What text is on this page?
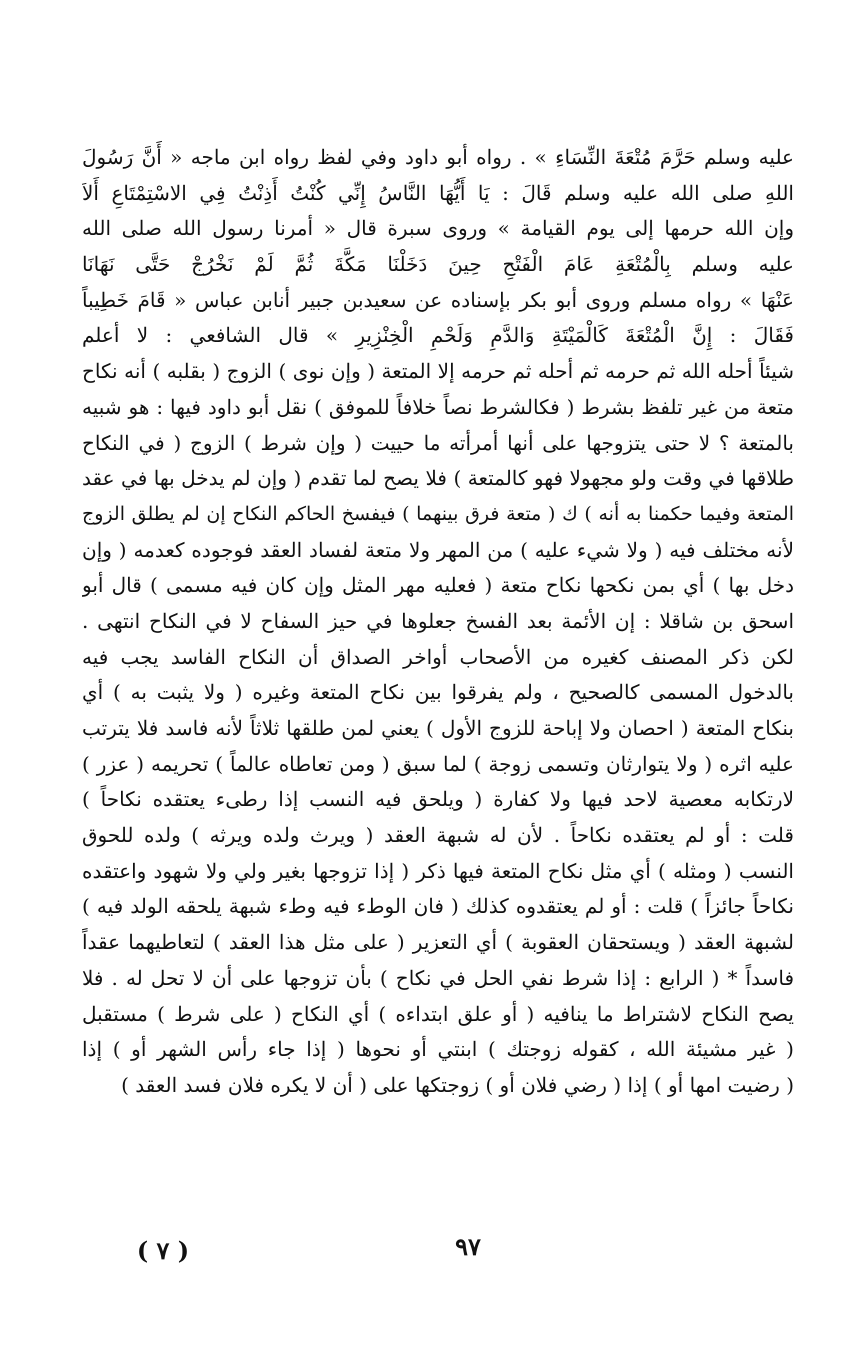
عليه وسلم حَرَّمَ مُتْعَةَ النِّسَاءِ » . رواه أبو داود وفي لفظ رواه ابن ماجه « أَنَّ رَسُولَ
اللهِ صلى الله عليه وسلم قَالَ : يَا أَيُّهَا النَّاسُ إِنِّي كُنْتُ أَذِنْتُ فِي الاسْتِمْتَاعِ أَلاَ
وإن الله حرمها إلى يوم القيامة » وروى سبرة قال « أمرنا رسول الله صلى الله
عليه وسلم بِالْمُتْعَةِ عَامَ الْفَتْحِ حِينَ دَخَلْنَا مَكَّةَ ثُمَّ لَمْ نَخْرُجْ حَتَّى نَهَانَا
عَنْهَا » رواه مسلم وروى أبو بكر بإسناده عن سعيدبن جبير أنابن عباس « قَامَ خَطِيباً
فَقَالَ : إِنَّ الْمُتْعَةَ كَالْمَيْتَةِ وَالدَّمِ وَلَحْمِ الْخِنْزِيرِ » قال الشافعي : لا أعلم
شيئاً أحله الله ثم حرمه ثم أحله ثم حرمه إلا المتعة ( وإن نوى ) الزوج ( بقلبه ) أنه نكاح
متعة من غير تلفظ بشرط ( فكالشرط نصاً خلافاً للموفق ) نقل أبو داود فيها : هو شبيه
بالمتعة ؟ لا حتى يتزوجها على أنها أمرأته ما حييت ( وإن شرط ) الزوج ( في النكاح
طلاقها في وقت ولو مجهولا فهو كالمتعة ) فلا يصح لما تقدم ( وإن لم يدخل بها في عقد
المتعة وفيما حكمنا به أنه ) ك ( متعة فرق بينهما ) فيفسخ الحاكم النكاح إن لم يطلق الزوج
لأنه مختلف فيه ( ولا شيء عليه ) من المهر ولا متعة لفساد العقد فوجوده كعدمه ( وإن
دخل بها ) أي بمن نكحها نكاح متعة ( فعليه مهر المثل وإن كان فيه مسمى ) قال أبو
اسحق بن شاقلا : إن الأئمة بعد الفسخ جعلوها في حيز السفاح لا في النكاح انتهى .
لكن ذكر المصنف كغيره من الأصحاب أواخر الصداق أن النكاح الفاسد يجب فيه
بالدخول المسمى كالصحيح ، ولم يفرقوا بين نكاح المتعة وغيره ( ولا يثبت به ) أي
بنكاح المتعة ( احصان ولا إباحة للزوج الأول ) يعني لمن طلقها ثلاثاً لأنه فاسد فلا يترتب
عليه اثره ( ولا يتوارثان وتسمى زوجة ) لما سبق ( ومن تعاطاه عالماً ) تحريمه ( عزر )
لارتكابه معصية لاحد فيها ولا كفارة ( ويلحق فيه النسب إذا رطىء يعتقده نكاحاً )
قلت : أو لم يعتقده نكاحاً . لأن له شبهة العقد ( ويرث ولده ويرثه ) ولده للحوق
النسب ( ومثله ) أي مثل نكاح المتعة فيها ذكر ( إذا تزوجها بغير ولي ولا شهود واعتقده
نكاحاً جائزاً ) قلت : أو لم يعتقدوه كذلك ( فان الوطء فيه وطء شبهة يلحقه الولد فيه )
لشبهة العقد ( ويستحقان العقوبة ) أي التعزير ( على مثل هذا العقد ) لتعاطيهما عقداً
فاسداً * ( الرابع : إذا شرط نفي الحل في نكاح ) بأن تزوجها على أن لا تحل له . فلا
يصح النكاح لاشتراط ما ينافيه ( أو علق ابتداءه ) أي النكاح ( على شرط ) مستقبل
( غير مشيئة الله ، كقوله زوجتك ) ابنتي أو نحوها ( إذا جاء رأس الشهر أو ) إذا
( رضيت امها أو ) إذا ( رضي فلان أو ) زوجتكها على ( أن لا يكره فلان فسد العقد )
٩٧
( ٧ )
